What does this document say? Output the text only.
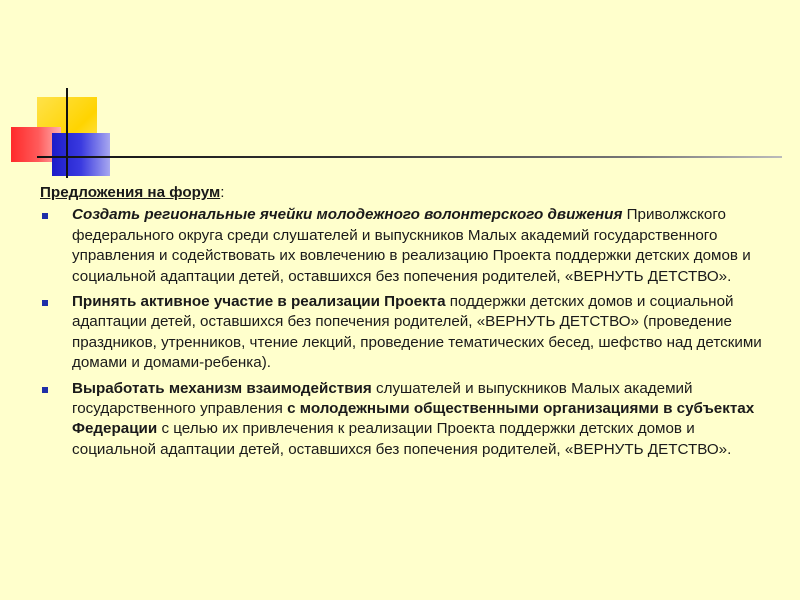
Предложения на форум:
Создать региональные ячейки молодежного волонтерского движения Приволжского федерального округа среди слушателей и выпускников Малых академий государственного управления и содействовать их вовлечению в реализацию Проекта поддержки детских домов и социальной адаптации детей, оставшихся без попечения родителей, «ВЕРНУТЬ ДЕТСТВО».
Принять активное участие в реализации Проекта поддержки детских домов и социальной адаптации детей, оставшихся без попечения родителей, «ВЕРНУТЬ ДЕТСТВО» (проведение праздников, утренников, чтение лекций, проведение тематических бесед, шефство над детскими домами и домами-ребенка).
Выработать механизм взаимодействия слушателей и выпускников Малых академий государственного управления с молодежными общественными организациями в субъектах Федерации с целью их привлечения к реализации Проекта поддержки детских домов и социальной адаптации детей, оставшихся без попечения родителей, «ВЕРНУТЬ ДЕТСТВО».
